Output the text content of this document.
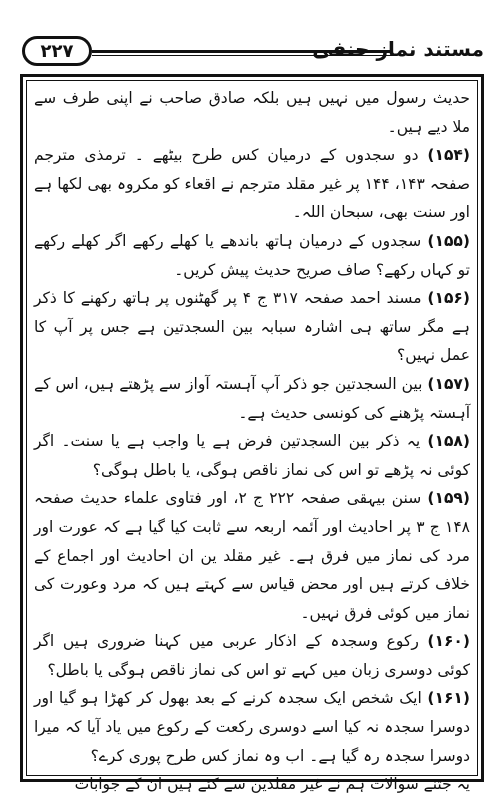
۲۲۷	مستند نماز حنفی

حدیث رسول میں نہیں ہیں بلکہ صادق صاحب نے اپنی طرف سے ملا دیے ہیں۔

(۱۵۴) دو سجدوں کے درمیان کس طرح بیٹھے ۔ ترمذی مترجم صفحہ ۱۴۳، ۱۴۴ پر غیر مقلد مترجم نے اقعاء کو مکروہ بھی لکھا ہے اور سنت بھی، سبحان اللہ۔

(۱۵۵) سجدوں کے درمیان ہاتھ باندھے یا کھلے رکھے اگر کھلے رکھے تو کہاں رکھے؟ صاف صریح حدیث پیش کریں۔

(۱۵۶) مسند احمد صفحہ ۳۱۷ ج ۴ پر گھٹنوں پر ہاتھ رکھنے کا ذکر ہے مگر ساتھ ہی اشارہ سبابہ بین السجدتین ہے جس پر آپ کا عمل نہیں؟

(۱۵۷) بین السجدتین جو ذکر آپ آہستہ آواز سے پڑھتے ہیں، اس کے آہستہ پڑھنے کی کونسی حدیث ہے۔

(۱۵۸) یہ ذکر بین السجدتین فرض ہے یا واجب ہے یا سنت۔ اگر کوئی نہ پڑھے تو اس کی نماز ناقص ہوگی، یا باطل ہوگی؟

(۱۵۹) سنن بیہقی صفحہ ۲۲۲ ج ۲، اور فتاوی علماء حدیث صفحہ ۱۴۸ ج ۳ پر احادیث اور آئمہ اربعہ سے ثابت کیا گیا ہے کہ عورت اور مرد کی نماز میں فرق ہے۔ غیر مقلد ین ان احادیث اور اجماع کے خلاف کرتے ہیں اور محض قیاس سے کہتے ہیں کہ مرد وعورت کی نماز میں کوئی فرق نہیں۔

(۱۶۰) رکوع وسجدہ کے اذکار عربی میں کہنا ضروری ہیں اگر کوئی دوسری زبان میں کہے تو اس کی نماز ناقص ہوگی یا باطل؟

(۱۶۱) ایک شخص ایک سجدہ کرنے کے بعد بھول کر کھڑا ہو گیا اور دوسرا سجدہ نہ کیا اسے دوسری رکعت کے رکوع میں یاد آیا کہ میرا دوسرا سجدہ رہ گیا ہے۔ اب وہ نماز کس طرح پوری کرے؟

یہ جتنے سوالات ہم نے غیر مقلدین سے کئے ہیں ان کے جوابات
